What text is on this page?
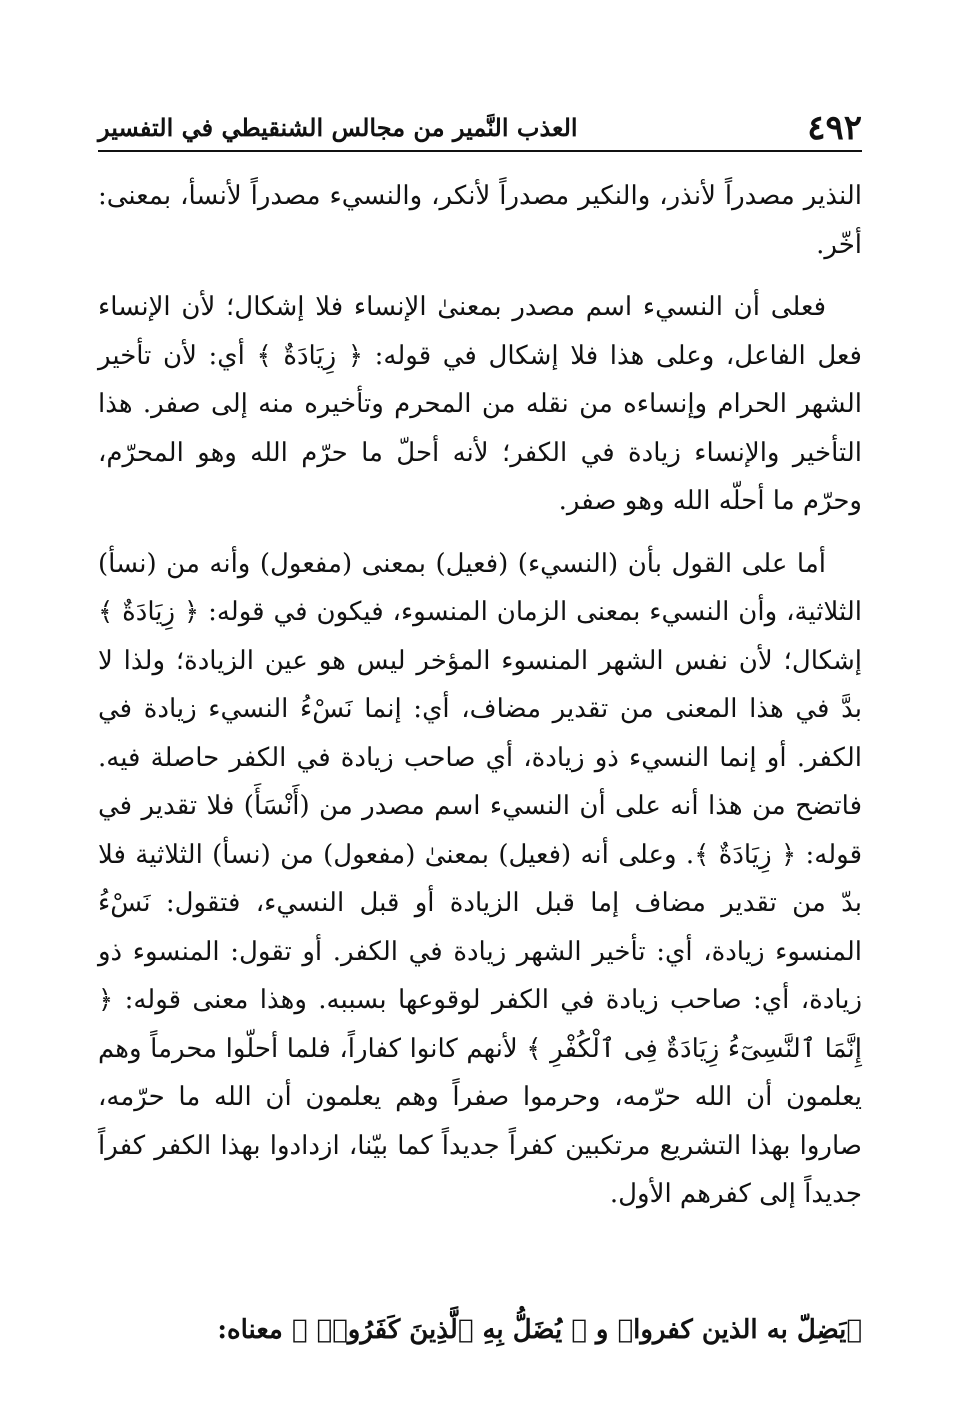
٤٩٢
العذب النَّمير من مجالس الشنقيطي في التفسير

النذير مصدراً لأنذر، والنكير مصدراً لأنكر، والنسيء مصدراً لأنسأ، بمعنى: أخّر.

فعلى أن النسيء اسم مصدر بمعنىٰ الإنساء فلا إشكال؛ لأن الإنساء فعل الفاعل، وعلى هذا فلا إشكال في قوله: ﴿ زِيَادَةٌ ﴾ أي: لأن تأخير الشهر الحرام وإنساءه من نقله من المحرم وتأخيره منه إلى صفر. هذا التأخير والإنساء زيادة في الكفر؛ لأنه أحلّ ما حرّم الله وهو المحرّم، وحرّم ما أحلّه الله وهو صفر.

أما على القول بأن (النسيء) (فعيل) بمعنى (مفعول) وأنه من (نسأ) الثلاثية، وأن النسيء بمعنى الزمان المنسوء، فيكون في قوله: ﴿ زِيَادَةٌ ﴾ إشكال؛ لأن نفس الشهر المنسوء المؤخر ليس هو عين الزيادة؛ ولذا لا بدَّ في هذا المعنى من تقدير مضاف، أي: إنما نَسْءُ النسيء زيادة في الكفر. أو إنما النسيء ذو زيادة، أي صاحب زيادة في الكفر حاصلة فيه. فاتضح من هذا أنه على أن النسيء اسم مصدر من (أَنْسَأَ) فلا تقدير في قوله: ﴿ زِيَادَةٌ ﴾. وعلى أنه (فعيل) بمعنىٰ (مفعول) من (نسأ) الثلاثية فلا بدّ من تقدير مضاف إما قبل الزيادة أو قبل النسيء، فتقول: نَسْءُ المنسوء زيادة، أي: تأخير الشهر زيادة في الكفر. أو تقول: المنسوء ذو زيادة، أي: صاحب زيادة في الكفر لوقوعها بسببه. وهذا معنى قوله: ﴿ إِنَّمَا ٱلنَّسِىٓءُ زِيَادَةٌ فِى ٱلْكُفْرِ ﴾ لأنهم كانوا كفاراً، فلما أحلّوا محرماً وهم يعلمون أن الله حرّمه، وحرموا صفراً وهم يعلمون أن الله ما حرّمه، صاروا بهذا التشريع مرتكبين كفراً جديداً كما بيّنا، ازدادوا بهذا الكفر كفراً جديداً إلى كفرهم الأول.

﴿يَضِلّ به الذين كفروا﴾ و ﴿ يُضَلُّ بِهِ ٱلَّذِينَ كَفَرُوا۟ ﴾ معناه:
